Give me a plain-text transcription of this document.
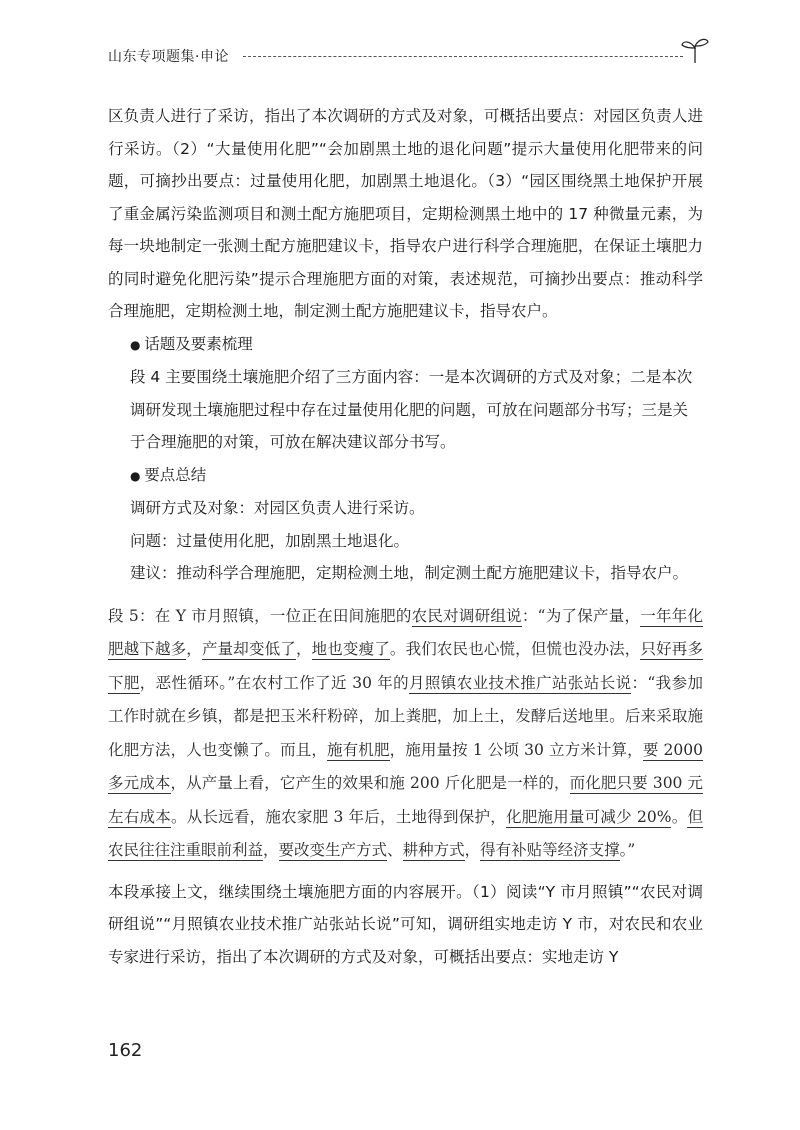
山东专项题集·申论

区负责人进行了采访，指出了本次调研的方式及对象，可概括出要点：对园区负责人进行采访。（2）“大量使用化肥”“会加剧黑土地的退化问题”提示大量使用化肥带来的问题，可摘抄出要点：过量使用化肥，加剧黑土地退化。（3）“园区围绕黑土地保护开展了重金属污染监测项目和测土配方施肥项目，定期检测黑土地中的 17 种微量元素，为每一块地制定一张测土配方施肥建议卡，指导农户进行科学合理施肥，在保证土壤肥力的同时避免化肥污染”提示合理施肥方面的对策，表述规范，可摘抄出要点：推动科学合理施肥，定期检测土地，制定测土配方施肥建议卡，指导农户。

● 话题及要素梳理

段 4 主要围绕土壤施肥介绍了三方面内容：一是本次调研的方式及对象；二是本次调研发现土壤施肥过程中存在过量使用化肥的问题，可放在问题部分书写；三是关于合理施肥的对策，可放在解决建议部分书写。

● 要点总结

调研方式及对象：对园区负责人进行采访。

问题：过量使用化肥，加剧黑土地退化。

建议：推动科学合理施肥，定期检测土地，制定测土配方施肥建议卡，指导农户。

段 5：在 Y 市月照镇，一位正在田间施肥的农民对调研组说：“为了保产量，一年年化肥越下越多，产量却变低了，地也变瘦了。我们农民也心慌，但慌也没办法，只好再多下肥，恶性循环。”在农村工作了近 30 年的月照镇农业技术推广站张站长说：“我参加工作时就在乡镇，都是把玉米秆粉碎，加上粪肥，加上土，发酵后送地里。后来采取施化肥方法，人也变懒了。而且，施有机肥，施用量按 1 公顷 30 立方米计算，要 2000 多元成本，从产量上看，它产生的效果和施 200 斤化肥是一样的，而化肥只要 300 元左右成本。从长远看，施农家肥 3 年后，土地得到保护，化肥施用量可减少 20%。但农民往往注重眼前利益，要改变生产方式、耕种方式，得有补贴等经济支撑。”

本段承接上文，继续围绕土壤施肥方面的内容展开。（1）阅读“Y 市月照镇”“农民对调研组说”“月照镇农业技术推广站张站长说”可知，调研组实地走访 Y 市，对农民和农业专家进行采访，指出了本次调研的方式及对象，可概括出要点：实地走访 Y

162
